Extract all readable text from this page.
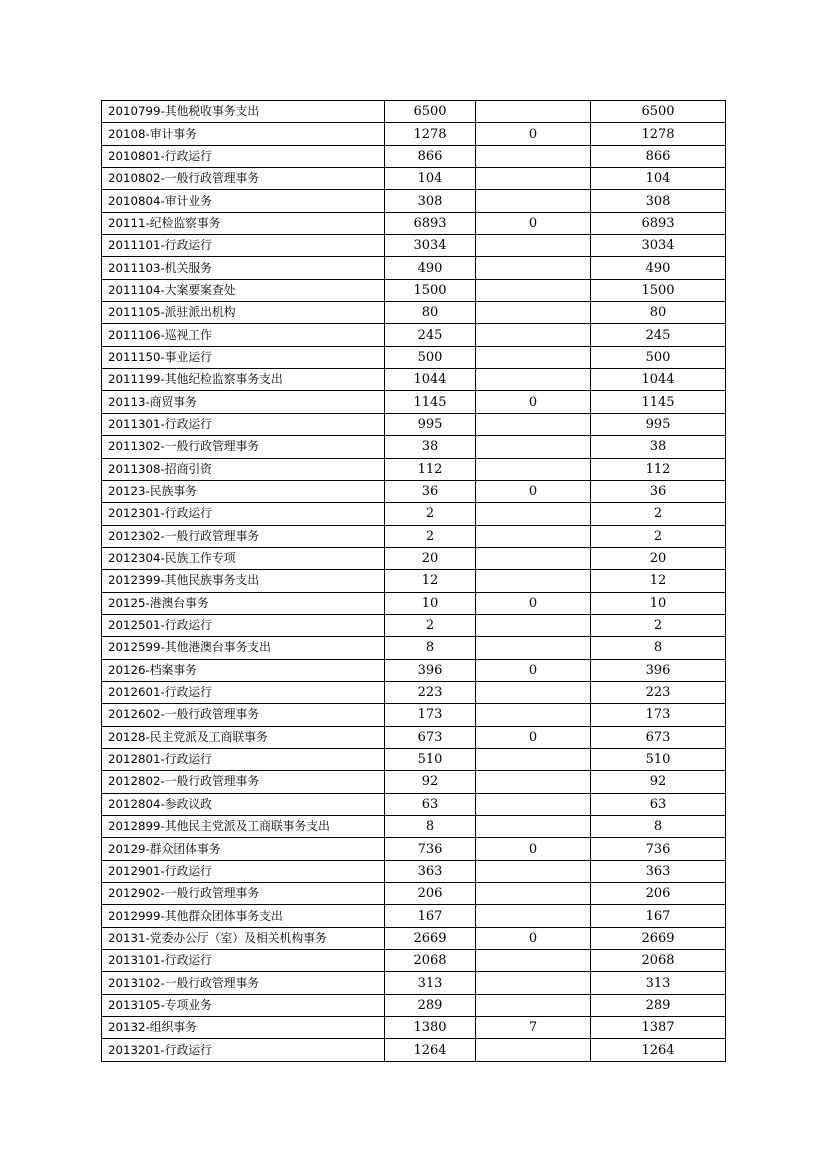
2010799-其他税收事务支出	6500		6500
20108-审计事务	1278	0	1278
2010801-行政运行	866		866
2010802-一般行政管理事务	104		104
2010804-审计业务	308		308
20111-纪检监察事务	6893	0	6893
2011101-行政运行	3034		3034
2011103-机关服务	490		490
2011104-大案要案查处	1500		1500
2011105-派驻派出机构	80		80
2011106-巡视工作	245		245
2011150-事业运行	500		500
2011199-其他纪检监察事务支出	1044		1044
20113-商贸事务	1145	0	1145
2011301-行政运行	995		995
2011302-一般行政管理事务	38		38
2011308-招商引资	112		112
20123-民族事务	36	0	36
2012301-行政运行	2		2
2012302-一般行政管理事务	2		2
2012304-民族工作专项	20		20
2012399-其他民族事务支出	12		12
20125-港澳台事务	10	0	10
2012501-行政运行	2		2
2012599-其他港澳台事务支出	8		8
20126-档案事务	396	0	396
2012601-行政运行	223		223
2012602-一般行政管理事务	173		173
20128-民主党派及工商联事务	673	0	673
2012801-行政运行	510		510
2012802-一般行政管理事务	92		92
2012804-参政议政	63		63
2012899-其他民主党派及工商联事务支出	8		8
20129-群众团体事务	736	0	736
2012901-行政运行	363		363
2012902-一般行政管理事务	206		206
2012999-其他群众团体事务支出	167		167
20131-党委办公厅（室）及相关机构事务	2669	0	2669
2013101-行政运行	2068		2068
2013102-一般行政管理事务	313		313
2013105-专项业务	289		289
20132-组织事务	1380	7	1387
2013201-行政运行	1264		1264
